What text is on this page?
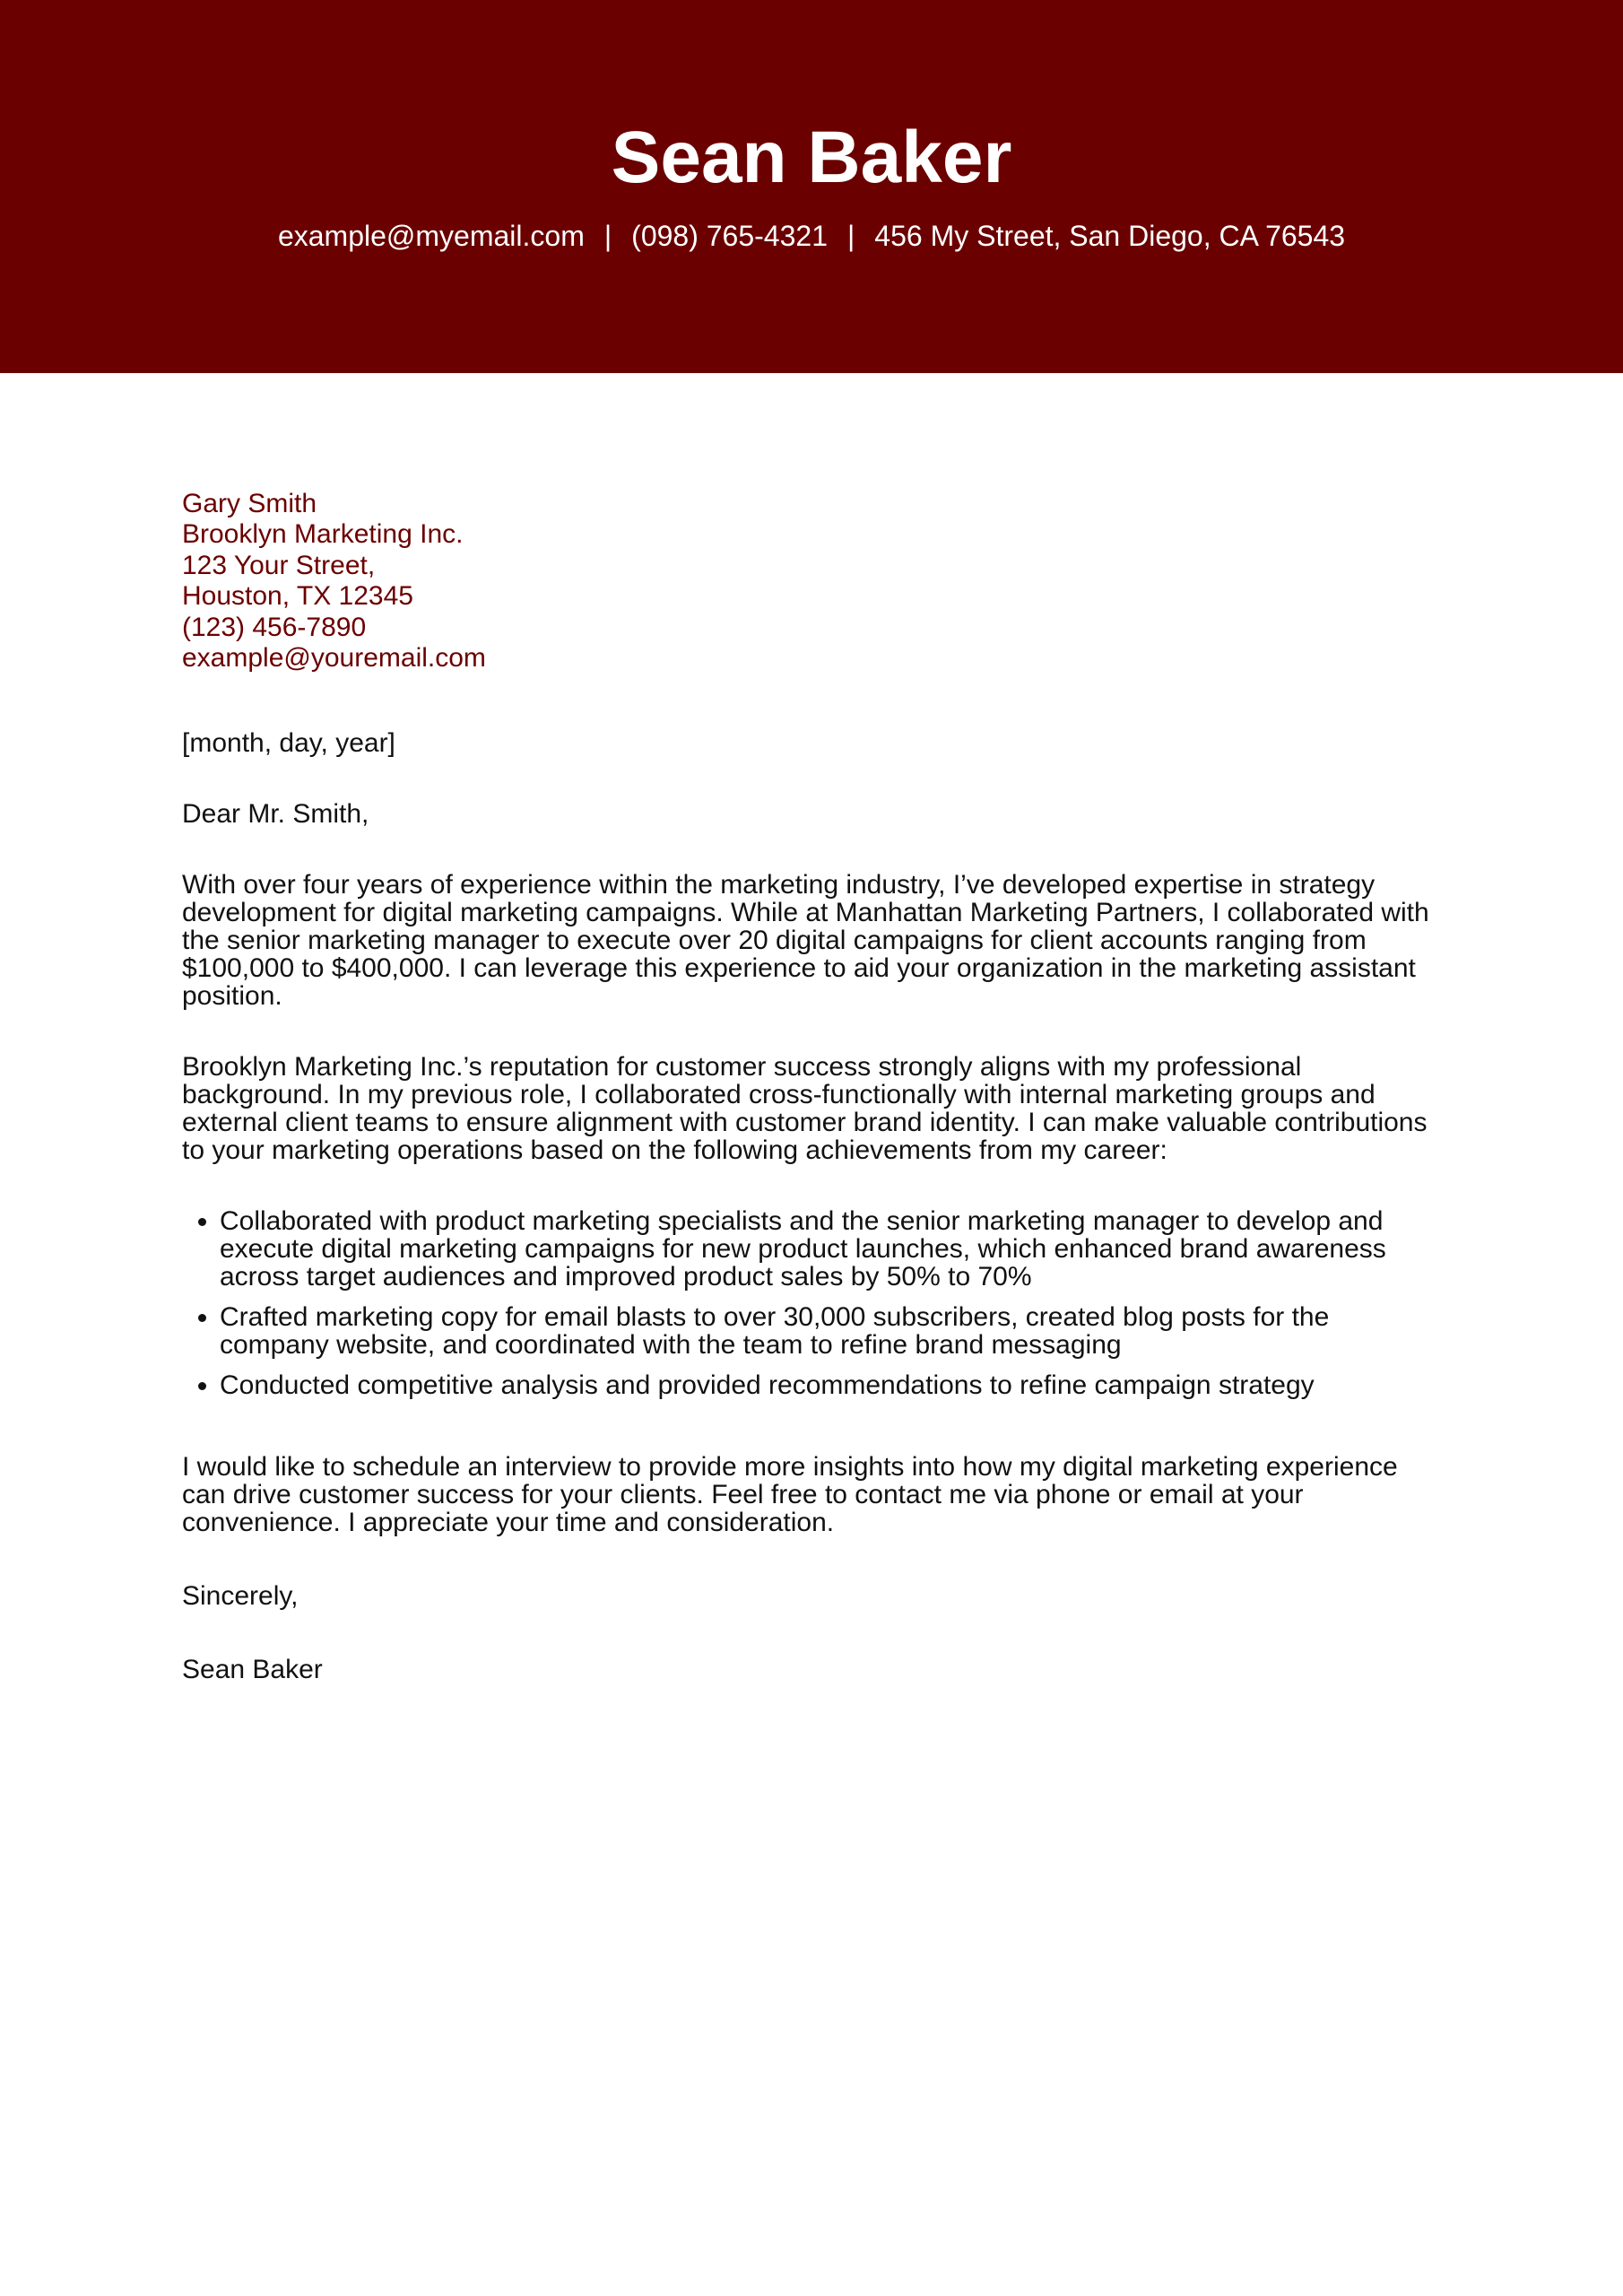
Sean Baker
example@myemail.com | (098) 765-4321 | 456 My Street, San Diego, CA 76543
Gary Smith
Brooklyn Marketing Inc.
123 Your Street,
Houston, TX 12345
(123) 456-7890
example@youremail.com

[month, day, year]

Dear Mr. Smith,

With over four years of experience within the marketing industry, I’ve developed expertise in strategy development for digital marketing campaigns. While at Manhattan Marketing Partners, I collaborated with the senior marketing manager to execute over 20 digital campaigns for client accounts ranging from $100,000 to $400,000. I can leverage this experience to aid your organization in the marketing assistant position.

Brooklyn Marketing Inc.’s reputation for customer success strongly aligns with my professional background. In my previous role, I collaborated cross-functionally with internal marketing groups and external client teams to ensure alignment with customer brand identity. I can make valuable contributions to your marketing operations based on the following achievements from my career:

• Collaborated with product marketing specialists and the senior marketing manager to develop and execute digital marketing campaigns for new product launches, which enhanced brand awareness across target audiences and improved product sales by 50% to 70%
• Crafted marketing copy for email blasts to over 30,000 subscribers, created blog posts for the company website, and coordinated with the team to refine brand messaging
• Conducted competitive analysis and provided recommendations to refine campaign strategy

I would like to schedule an interview to provide more insights into how my digital marketing experience can drive customer success for your clients. Feel free to contact me via phone or email at your convenience. I appreciate your time and consideration.

Sincerely,

Sean Baker
